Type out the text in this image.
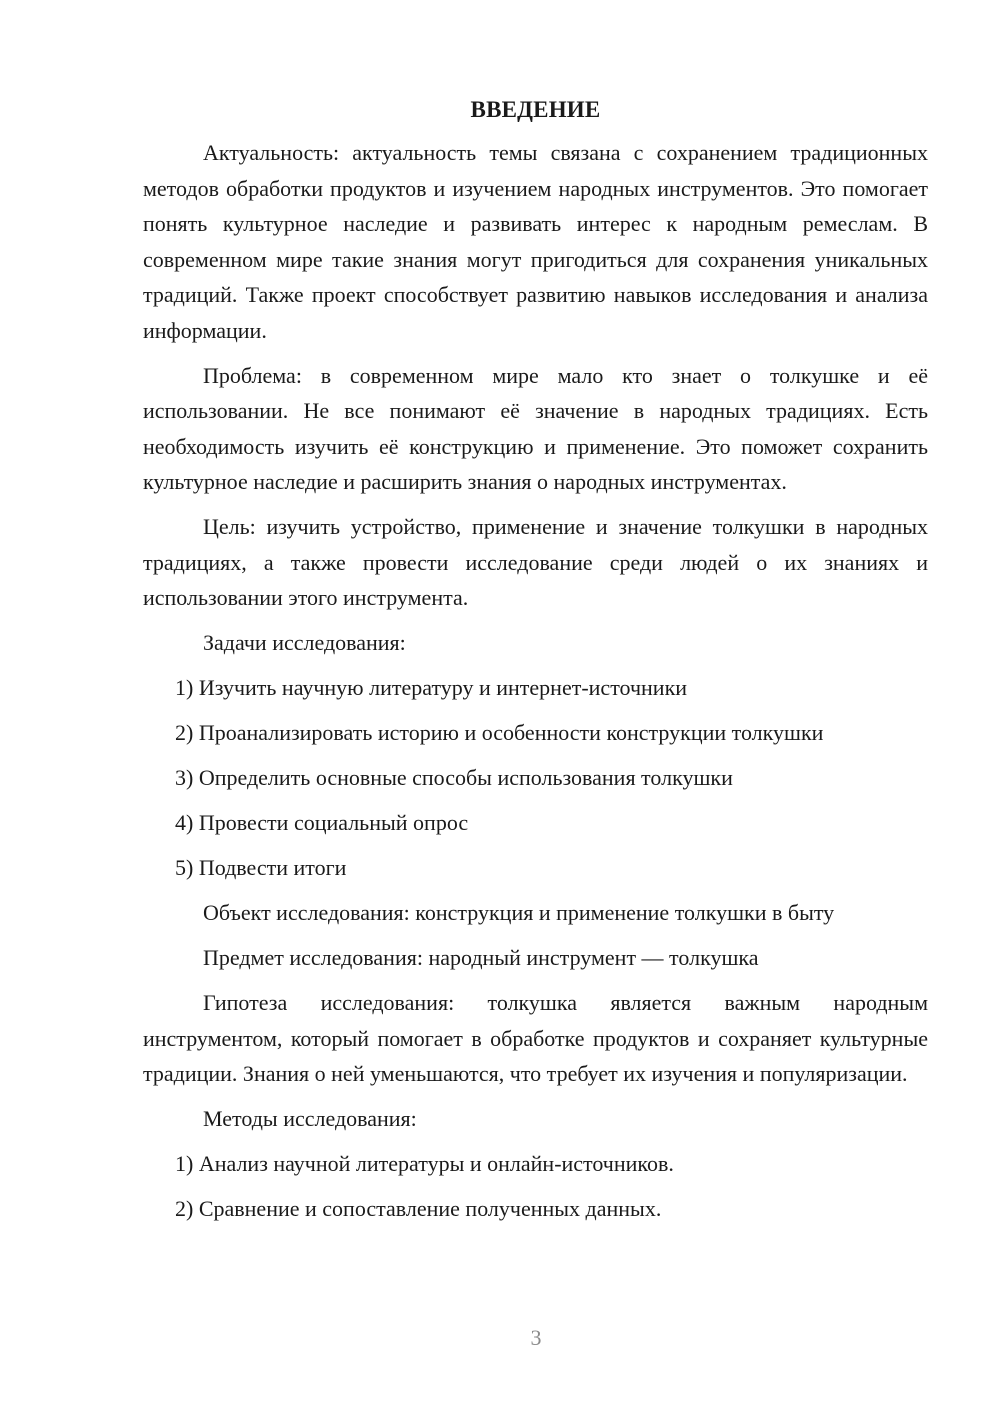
ВВЕДЕНИЕ

Актуальность: актуальность темы связана с сохранением традиционных методов обработки продуктов и изучением народных инструментов. Это помогает понять культурное наследие и развивать интерес к народным ремеслам. В современном мире такие знания могут пригодиться для сохранения уникальных традиций. Также проект способствует развитию навыков исследования и анализа информации.

Проблема: в современном мире мало кто знает о толкушке и её использовании. Не все понимают её значение в народных традициях. Есть необходимость изучить её конструкцию и применение. Это поможет сохранить культурное наследие и расширить знания о народных инструментах.

Цель: изучить устройство, применение и значение толкушки в народных традициях, а также провести исследование среди людей о их знаниях и использовании этого инструмента.

Задачи исследования:
1) Изучить научную литературу и интернет-источники
2) Проанализировать историю и особенности конструкции толкушки
3) Определить основные способы использования толкушки
4) Провести социальный опрос
5) Подвести итоги
Объект исследования: конструкция и применение толкушки в быту
Предмет исследования: народный инструмент — толкушка

Гипотеза исследования: толкушка является важным народным инструментом, который помогает в обработке продуктов и сохраняет культурные традиции. Знания о ней уменьшаются, что требует их изучения и популяризации.

Методы исследования:
1) Анализ научной литературы и онлайн-источников.
2) Сравнение и сопоставление полученных данных.
3
